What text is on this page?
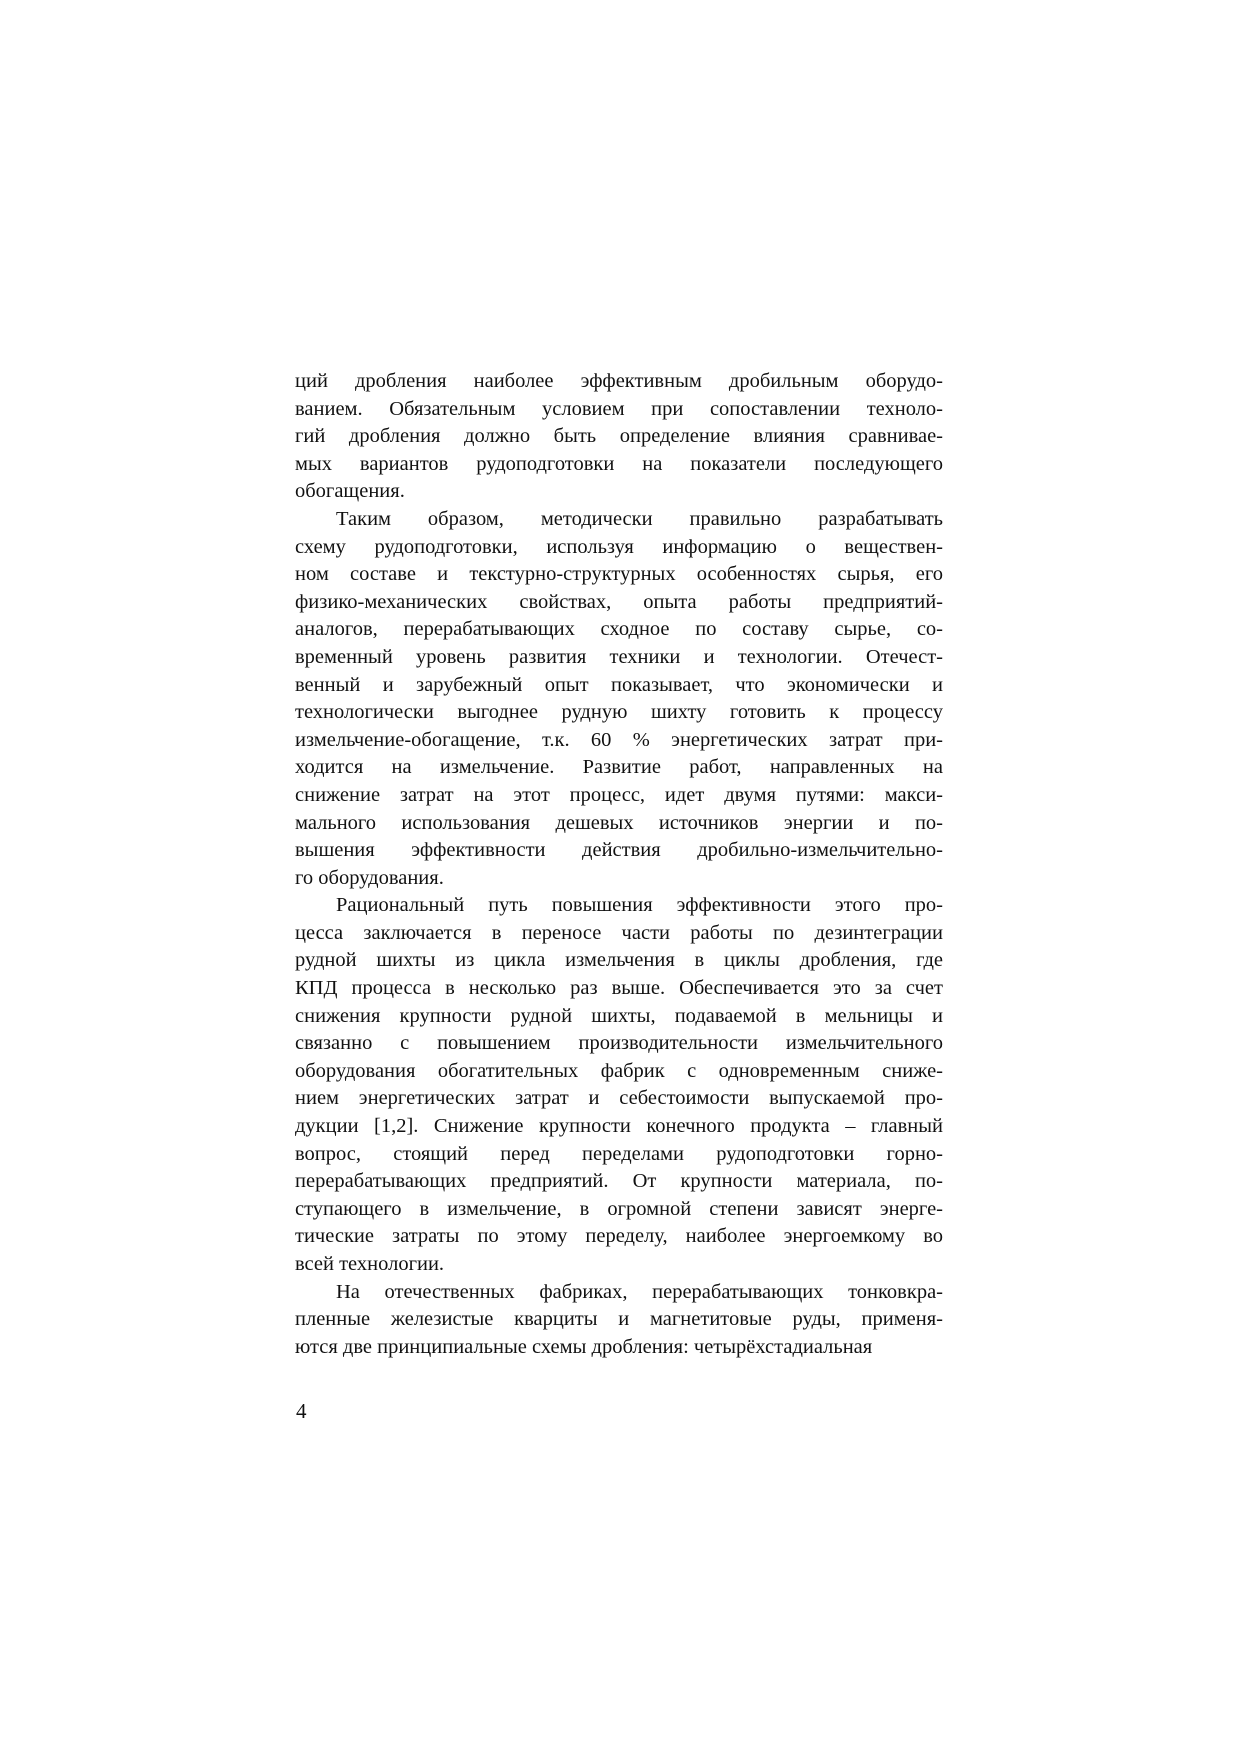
ций дробления наиболее эффективным дробильным оборудо-
ванием. Обязательным условием при сопоставлении техноло-
гий дробления должно быть определение влияния сравнивае-
мых вариантов рудоподготовки на показатели последующего
обогащения.
Таким образом, методически правильно разрабатывать
схему рудоподготовки, используя информацию о веществен-
ном составе и текстурно-структурных особенностях сырья, его
физико-механических свойствах, опыта работы предприятий-
аналогов, перерабатывающих сходное по составу сырье, со-
временный уровень развития техники и технологии. Отечест-
венный и зарубежный опыт показывает, что экономически и
технологически выгоднее рудную шихту готовить к процессу
измельчение-обогащение, т.к. 60 % энергетических затрат при-
ходится на измельчение. Развитие работ, направленных на
снижение затрат на этот процесс, идет двумя путями: макси-
мального использования дешевых источников энергии и по-
вышения эффективности действия дробильно-измельчительно-
го оборудования.
Рациональный путь повышения эффективности этого про-
цесса заключается в переносе части работы по дезинтеграции
рудной шихты из цикла измельчения в циклы дробления, где
КПД процесса в несколько раз выше. Обеспечивается это за счет
снижения крупности рудной шихты, подаваемой в мельницы и
связанно с повышением производительности измельчительного
оборудования обогатительных фабрик с одновременным сниже-
нием энергетических затрат и себестоимости выпускаемой про-
дукции [1,2]. Снижение крупности конечного продукта – главный
вопрос, стоящий перед переделами рудоподготовки горно-
перерабатывающих предприятий. От крупности материала, по-
ступающего в измельчение, в огромной степени зависят энерге-
тические затраты по этому переделу, наиболее энергоемкому во
всей технологии.
На отечественных фабриках, перерабатывающих тонковкра-
пленные железистые кварциты и магнетитовые руды, применя-
ются две принципиальные схемы дробления: четырёхстадиальная
4
